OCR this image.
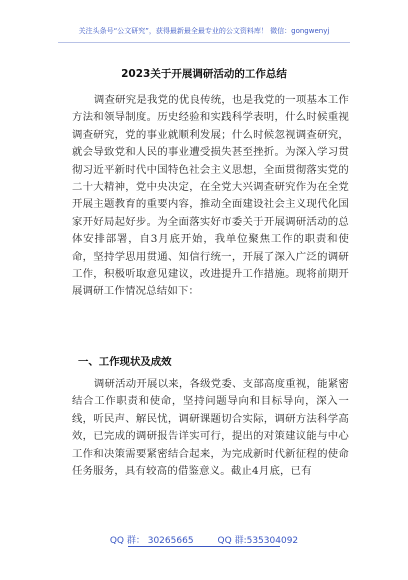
关注头条号“公文研究”，获得最新最全最专业的公文资料库！ 微信：gongwenyj
2023关于开展调研活动的工作总结
调查研究是我党的优良传统，也是我党的一项基本工作方法和领导制度。历史经验和实践科学表明，什么时候重视调查研究，党的事业就顺利发展；什么时候忽视调查研究，就会导致党和人民的事业遭受损失甚至挫折。为深入学习贯彻习近平新时代中国特色社会主义思想，全面贯彻落实党的二十大精神，党中央决定，在全党大兴调查研究作为在全党开展主题教育的重要内容，推动全面建设社会主义现代化国家开好局起好步。为全面落实好市委关于开展调研活动的总体安排部署，自3月底开始，我单位聚焦工作的职责和使命，坚持学思用贯通、知信行统一，开展了深入广泛的调研工作，积极听取意见建议，改进提升工作措施。现将前期开展调研工作情况总结如下：
一、工作现状及成效
调研活动开展以来，各级党委、支部高度重视，能紧密结合工作职责和使命，坚持问题导向和目标导向，深入一线，听民声、解民忧，调研课题切合实际，调研方法科学高效，已完成的调研报告详实可行，提出的对策建议能与中心工作和决策需要紧密结合起来，为完成新时代新征程的使命任务服务，具有较高的借鉴意义。截止4月底，已有
QQ 群： 30265665	QQ 群:535304092
